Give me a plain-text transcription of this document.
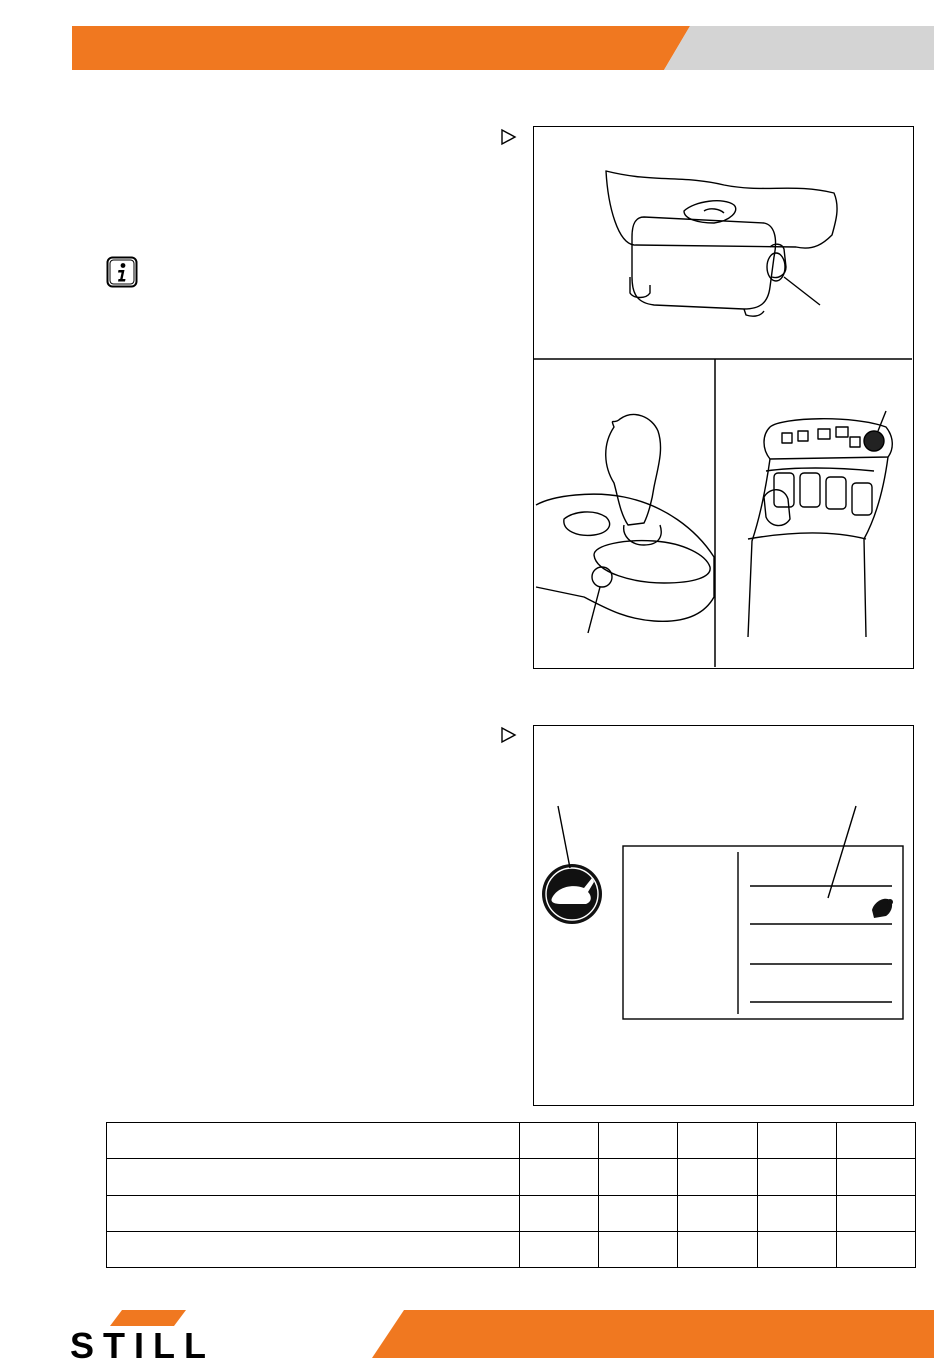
STILL
